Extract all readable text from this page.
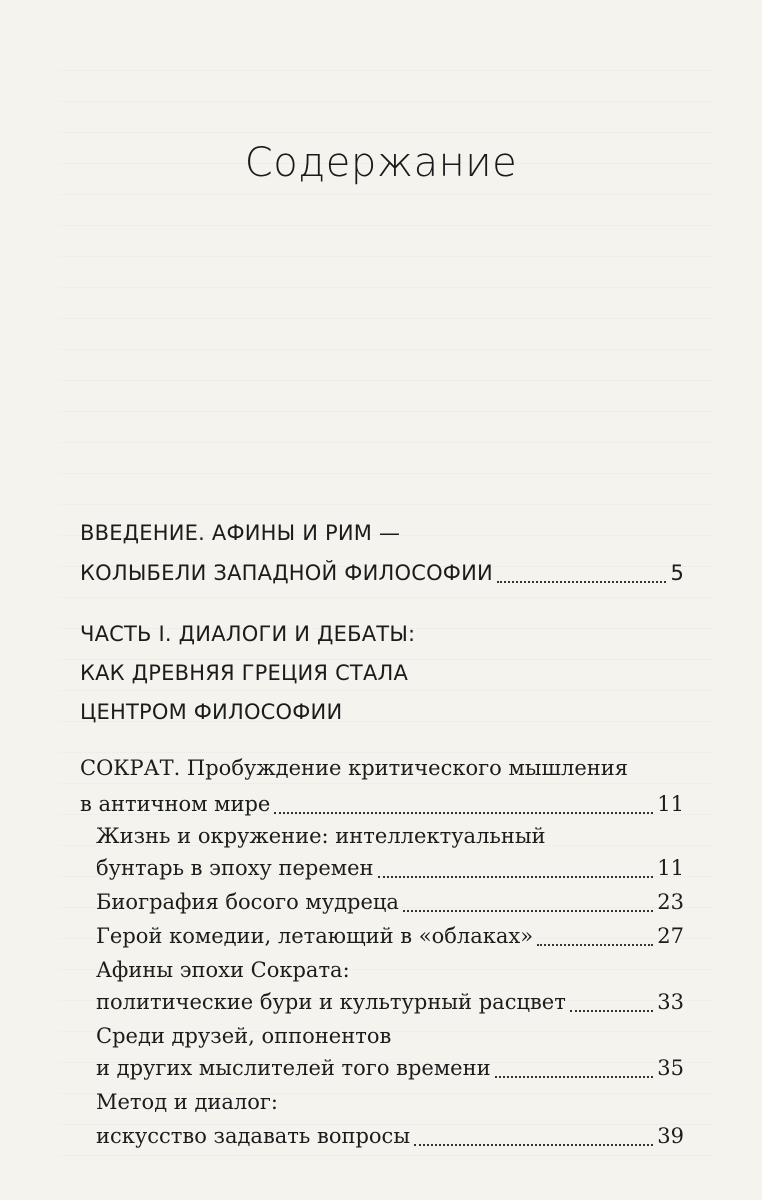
Содержание
ВВЕДЕНИЕ. АФИНЫ И РИМ —
КОЛЫБЕЛИ ЗАПАДНОЙ ФИЛОСОФИИ	5
ЧАСТЬ I. ДИАЛОГИ И ДЕБАТЫ:
КАК ДРЕВНЯЯ ГРЕЦИЯ СТАЛА
ЦЕНТРОМ ФИЛОСОФИИ
СОКРАТ. Пробуждение критического мышления
в античном мире	11
Жизнь и окружение: интеллектуальный
бунтарь в эпоху перемен	11
Биография босого мудреца	23
Герой комедии, летающий в «облаках»	27
Афины эпохи Сократа:
политические бури и культурный расцвет	33
Среди друзей, оппонентов
и других мыслителей того времени	35
Метод и диалог:
искусство задавать вопросы	39
